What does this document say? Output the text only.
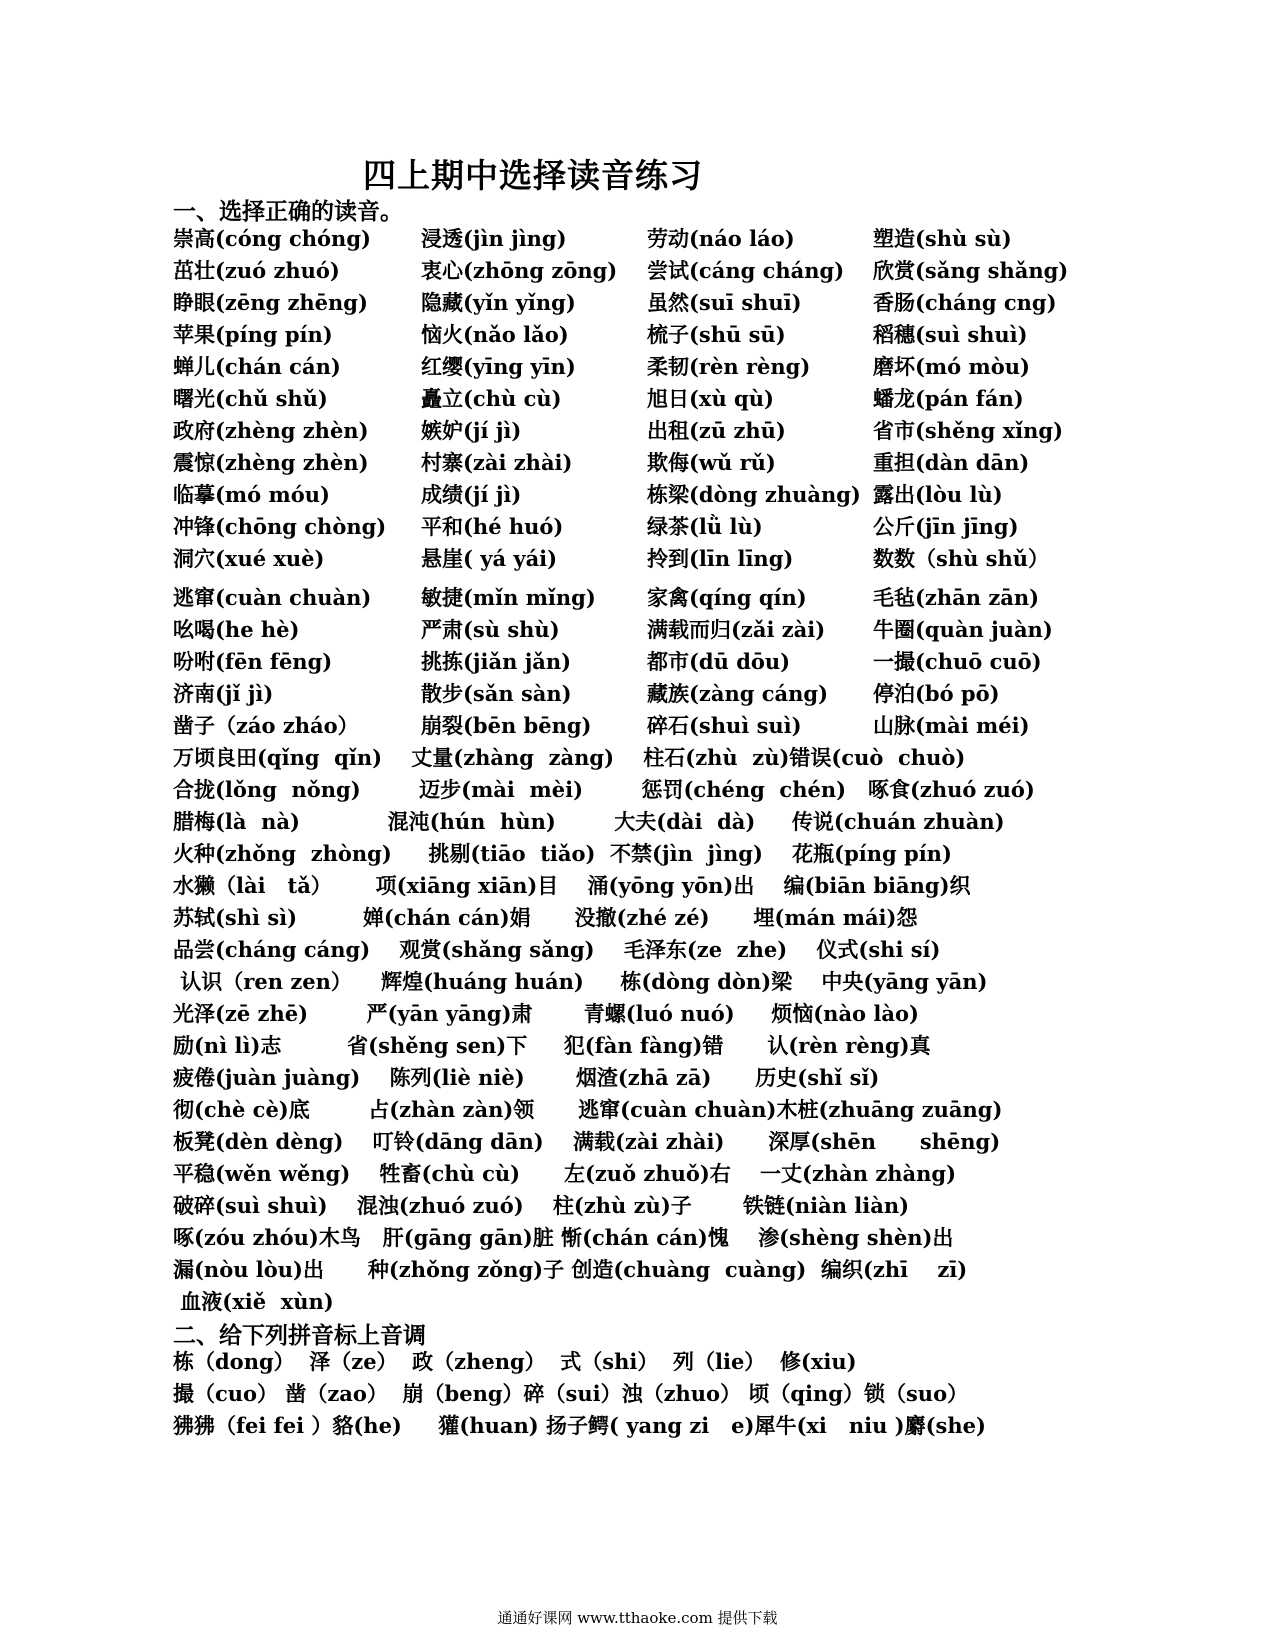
四上期中选择读音练习
一、选择正确的读音。
崇高(cóng chóng) 浸透(jìn jìng)	劳动(náo láo)	塑造(shù sù)
茁壮(zuó zhuó)	衷心(zhōng zōng) 尝试(cáng cháng) 欣赏(sǎng shǎng)
睁眼(zēng zhēng)	隐藏(yǐn yǐng)	虽然(suī shuī)	香肠(cháng cng)
苹果(píng pín)	恼火(nǎo lǎo)	梳子(shū sū)	稻穗(suì shuì)
蝉儿(chán cán)	红缨(yīng yīn)	柔韧(rèn rèng)	磨坏(mó mòu)
曙光(chǔ shǔ)	矗立(chù cù)	旭日(xù qù)	蟠龙(pán fán)
政府(zhèng zhèn) 嫉妒(jí jì)	出租(zū zhū)	省市(shěng xǐng)
震惊(zhèng zhèn) 村寨(zài zhài)	欺侮(wǔ rǔ)	重担(dàn dān)
临摹(mó móu)	成绩(jí jì)	栋梁(dòng zhuàng) 露出(lòu lù)
冲锋(chōng chòng) 平和(hé huó)	绿茶(lǜ lù)	公斤(jīn jīng)
洞穴(xué xuè)	悬崖( yá yái)	拎到(līn līng)	数数（shù shǔ）
逃窜(cuàn chuàn) 敏捷(mǐn mǐng) 家禽(qíng qín)	毛毡(zhān zān)
吆喝(he hè)	严肃(sù shù)	满载而归(zǎi zài) 牛圈(quàn juàn)
吩咐(fēn fēng)	挑拣(jiǎn jǎn)	都市(dū dōu)	一撮(chuō cuō)
济南(jǐ jì)	散步(sǎn sàn)	藏族(zàng cáng) 停泊(bó pō)
凿子（záo zháo）	崩裂(bēn bēng)	碎石(shuì suì)	山脉(mài méi)
万顷良田(qǐng  qǐn)    丈量(zhàng  zàng)    柱石(zhù  zù)错误(cuò  chuò)
合拢(lǒng  nǒng)        迈步(mài  mèi)        惩罚(chéng  chén)   啄食(zhuó zuó)
腊梅(là  nà)            混沌(hún  hùn)        大夫(dài  dà)     传说(chuán zhuàn)
火种(zhǒng  zhòng)     挑剔(tiāo  tiǎo)  不禁(jìn  jìng)    花瓶(píng pín)
水獭（lài   tǎ）      项(xiāng xiān)目    涌(yōng yōn)出    编(biān biāng)织
苏轼(shì sì)         婵(chán cán)娟      没撤(zhé zé)      埋(mán mái)怨
品尝(cháng cáng)    观赏(shǎng sǎng)    毛泽东(ze  zhe)    仪式(shi sí)
认识（ren zen）    辉煌(huáng huán)     栋(dòng dòn)梁    中央(yāng yān)
光泽(zē zhē)        严(yān yāng)肃       青螺(luó nuó)     烦恼(nào lào)
励(nì lì)志         省(shěng sen)下     犯(fàn fàng)错      认(rèn rèng)真
疲倦(juàn juàng)    陈列(liè niè)       烟渣(zhā zā)      历史(shǐ sǐ)
彻(chè cè)底        占(zhàn zàn)领      逃窜(cuàn chuàn)木桩(zhuāng zuāng)
板凳(dèn dèng)    叮铃(dāng dān)    满载(zài zhài)      深厚(shēn      shēng)
平稳(wěn wěng)    牲畜(chù cù)      左(zuǒ zhuǒ)右    一丈(zhàn zhàng)
破碎(suì shuì)    混浊(zhuó zuó)    柱(zhù zù)子       铁链(niàn liàn)
啄(zóu zhóu)木鸟   肝(gāng gān)脏 惭(chán cán)愧    渗(shèng shèn)出
漏(nòu lòu)出      种(zhǒng zǒng)子 创造(chuàng  cuàng)  编织(zhī    zī)
血液(xiě  xùn)
二、给下列拼音标上音调
栋（dong）  泽（ze）  政（zheng）  式（shi）  列（lie）  修(xiu)
撮（cuo） 凿（zao）  崩（beng）碎（sui）浊（zhuo） 顷（qing）锁（suo）
狒狒（fei fei ）貉(he)     獾(huan) 扬子鳄( yang zi   e)犀牛(xi   niu )麝(she)
通通好课网 www.tthaoke.com 提供下载
